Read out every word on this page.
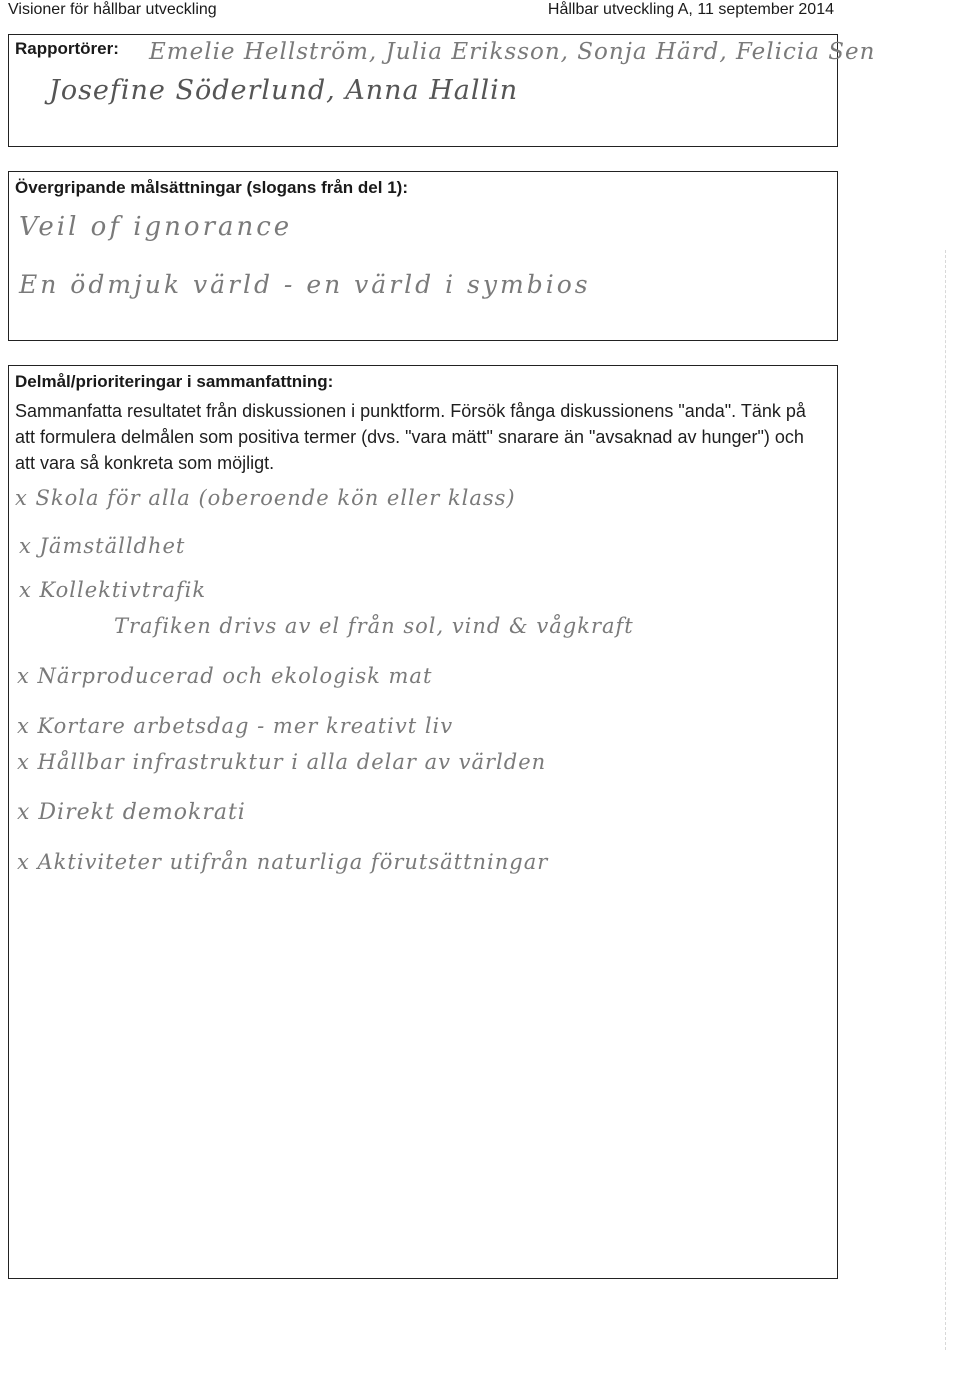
Visioner för hållbar utveckling	Hållbar utveckling A, 11 september 2014
Rapportörer: Emelie Hellström, Julia Eriksson, Sonja Härd, Felicia Sen
Josefine Söderlund, Anna Hallin
Övergripande målsättningar (slogans från del 1):
Veil of ignorance
En ödmjuk värld - en värld i symbios
Delmål/prioriteringar i sammanfattning:
Sammanfatta resultatet från diskussionen i punktform. Försök fånga diskussionens "anda". Tänk på att formulera delmålen som positiva termer (dvs. "vara mätt" snarare än "avsaknad av hunger") och att vara så konkreta som möjligt.
x Skola för alla (oberoende kön eller klass)
x Jämställdhet
x Kollektivtrafik
Trafiken drivs av el från sol, vind & vågkraft
x Närproducerad och ekologisk mat
x Kortare arbetsdag - mer kreativt liv
x Hållbar infrastruktur i alla delar av världen
x Direkt demokrati
x Aktiviteter utifrån naturliga förutsättningar
